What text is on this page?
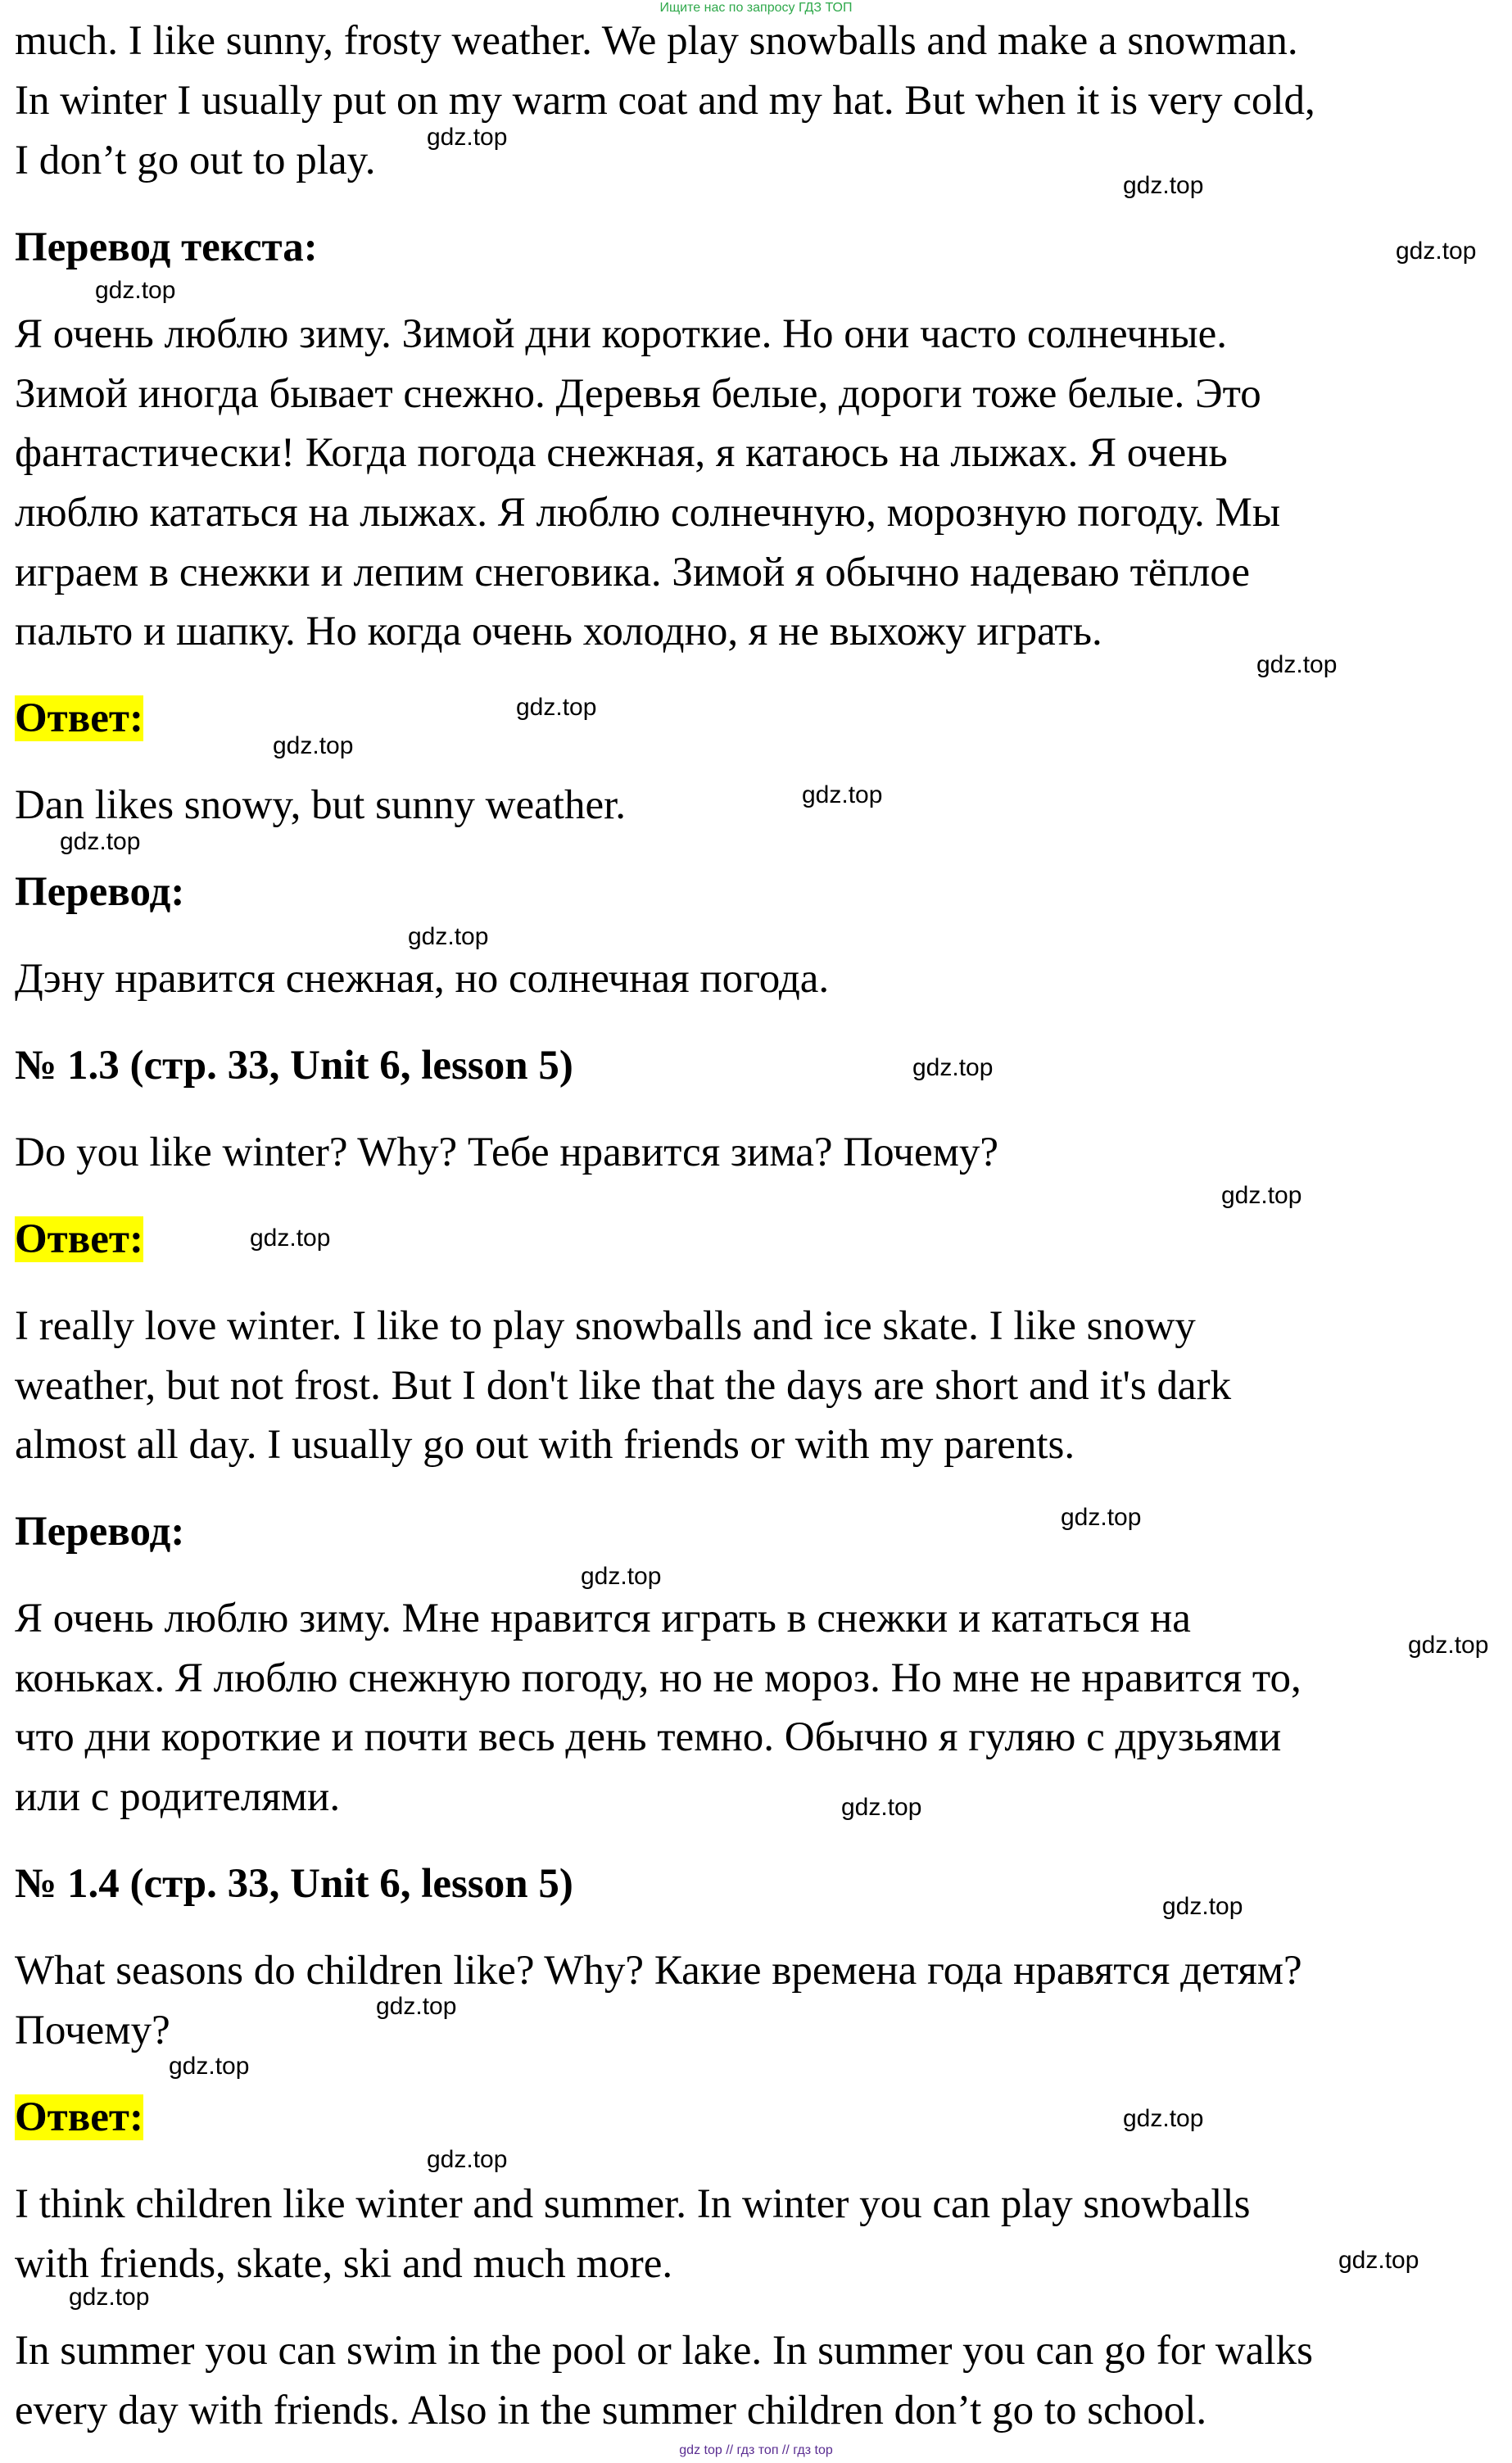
Ищите нас по запросу ГДЗ ТОП
much. I like sunny, frosty weather. We play snowballs and make a snowman.
In winter I usually put on my warm coat and my hat. But when it is very cold,
I don’t go out to play.
Перевод текста:
Я очень люблю зиму. Зимой дни короткие. Но они часто солнечные.
Зимой иногда бывает снежно. Деревья белые, дороги тоже белые. Это
фантастически! Когда погода снежная, я катаюсь на лыжах. Я очень
люблю кататься на лыжах. Я люблю солнечную, морозную погоду. Мы
играем в снежки и лепим снеговика. Зимой я обычно надеваю тёплое
пальто и шапку. Но когда очень холодно, я не выхожу играть.
Ответ:
Dan likes snowy, but sunny weather.
Перевод:
Дэну нравится снежная, но солнечная погода.
№ 1.3 (стр. 33, Unit 6, lesson 5)
Do you like winter? Why? Тебе нравится зима? Почему?
Ответ:
I really love winter. I like to play snowballs and ice skate. I like snowy
weather, but not frost. But I don't like that the days are short and it's dark
almost all day. I usually go out with friends or with my parents.
Перевод:
Я очень люблю зиму. Мне нравится играть в снежки и кататься на
коньках. Я люблю снежную погоду, но не мороз. Но мне не нравится то,
что дни короткие и почти весь день темно. Обычно я гуляю с друзьями
или с родителями.
№ 1.4 (стр. 33, Unit 6, lesson 5)
What seasons do children like? Why? Какие времена года нравятся детям?
Почему?
Ответ:
I think children like winter and summer. In winter you can play snowballs
with friends, skate, ski and much more.
In summer you can swim in the pool or lake. In summer you can go for walks
every day with friends. Also in the summer children don’t go to school.
gdz.top
gdz.top
gdz.top
gdz.top
gdz.top
gdz.top
gdz.top
gdz.top
gdz.top
gdz.top
gdz.top
gdz.top
gdz.top
gdz.top
gdz.top
gdz.top
gdz.top
gdz.top
gdz.top
gdz.top
gdz.top
gdz.top
gdz.top
gdz.top
gdz top // гдз топ // гдз top
